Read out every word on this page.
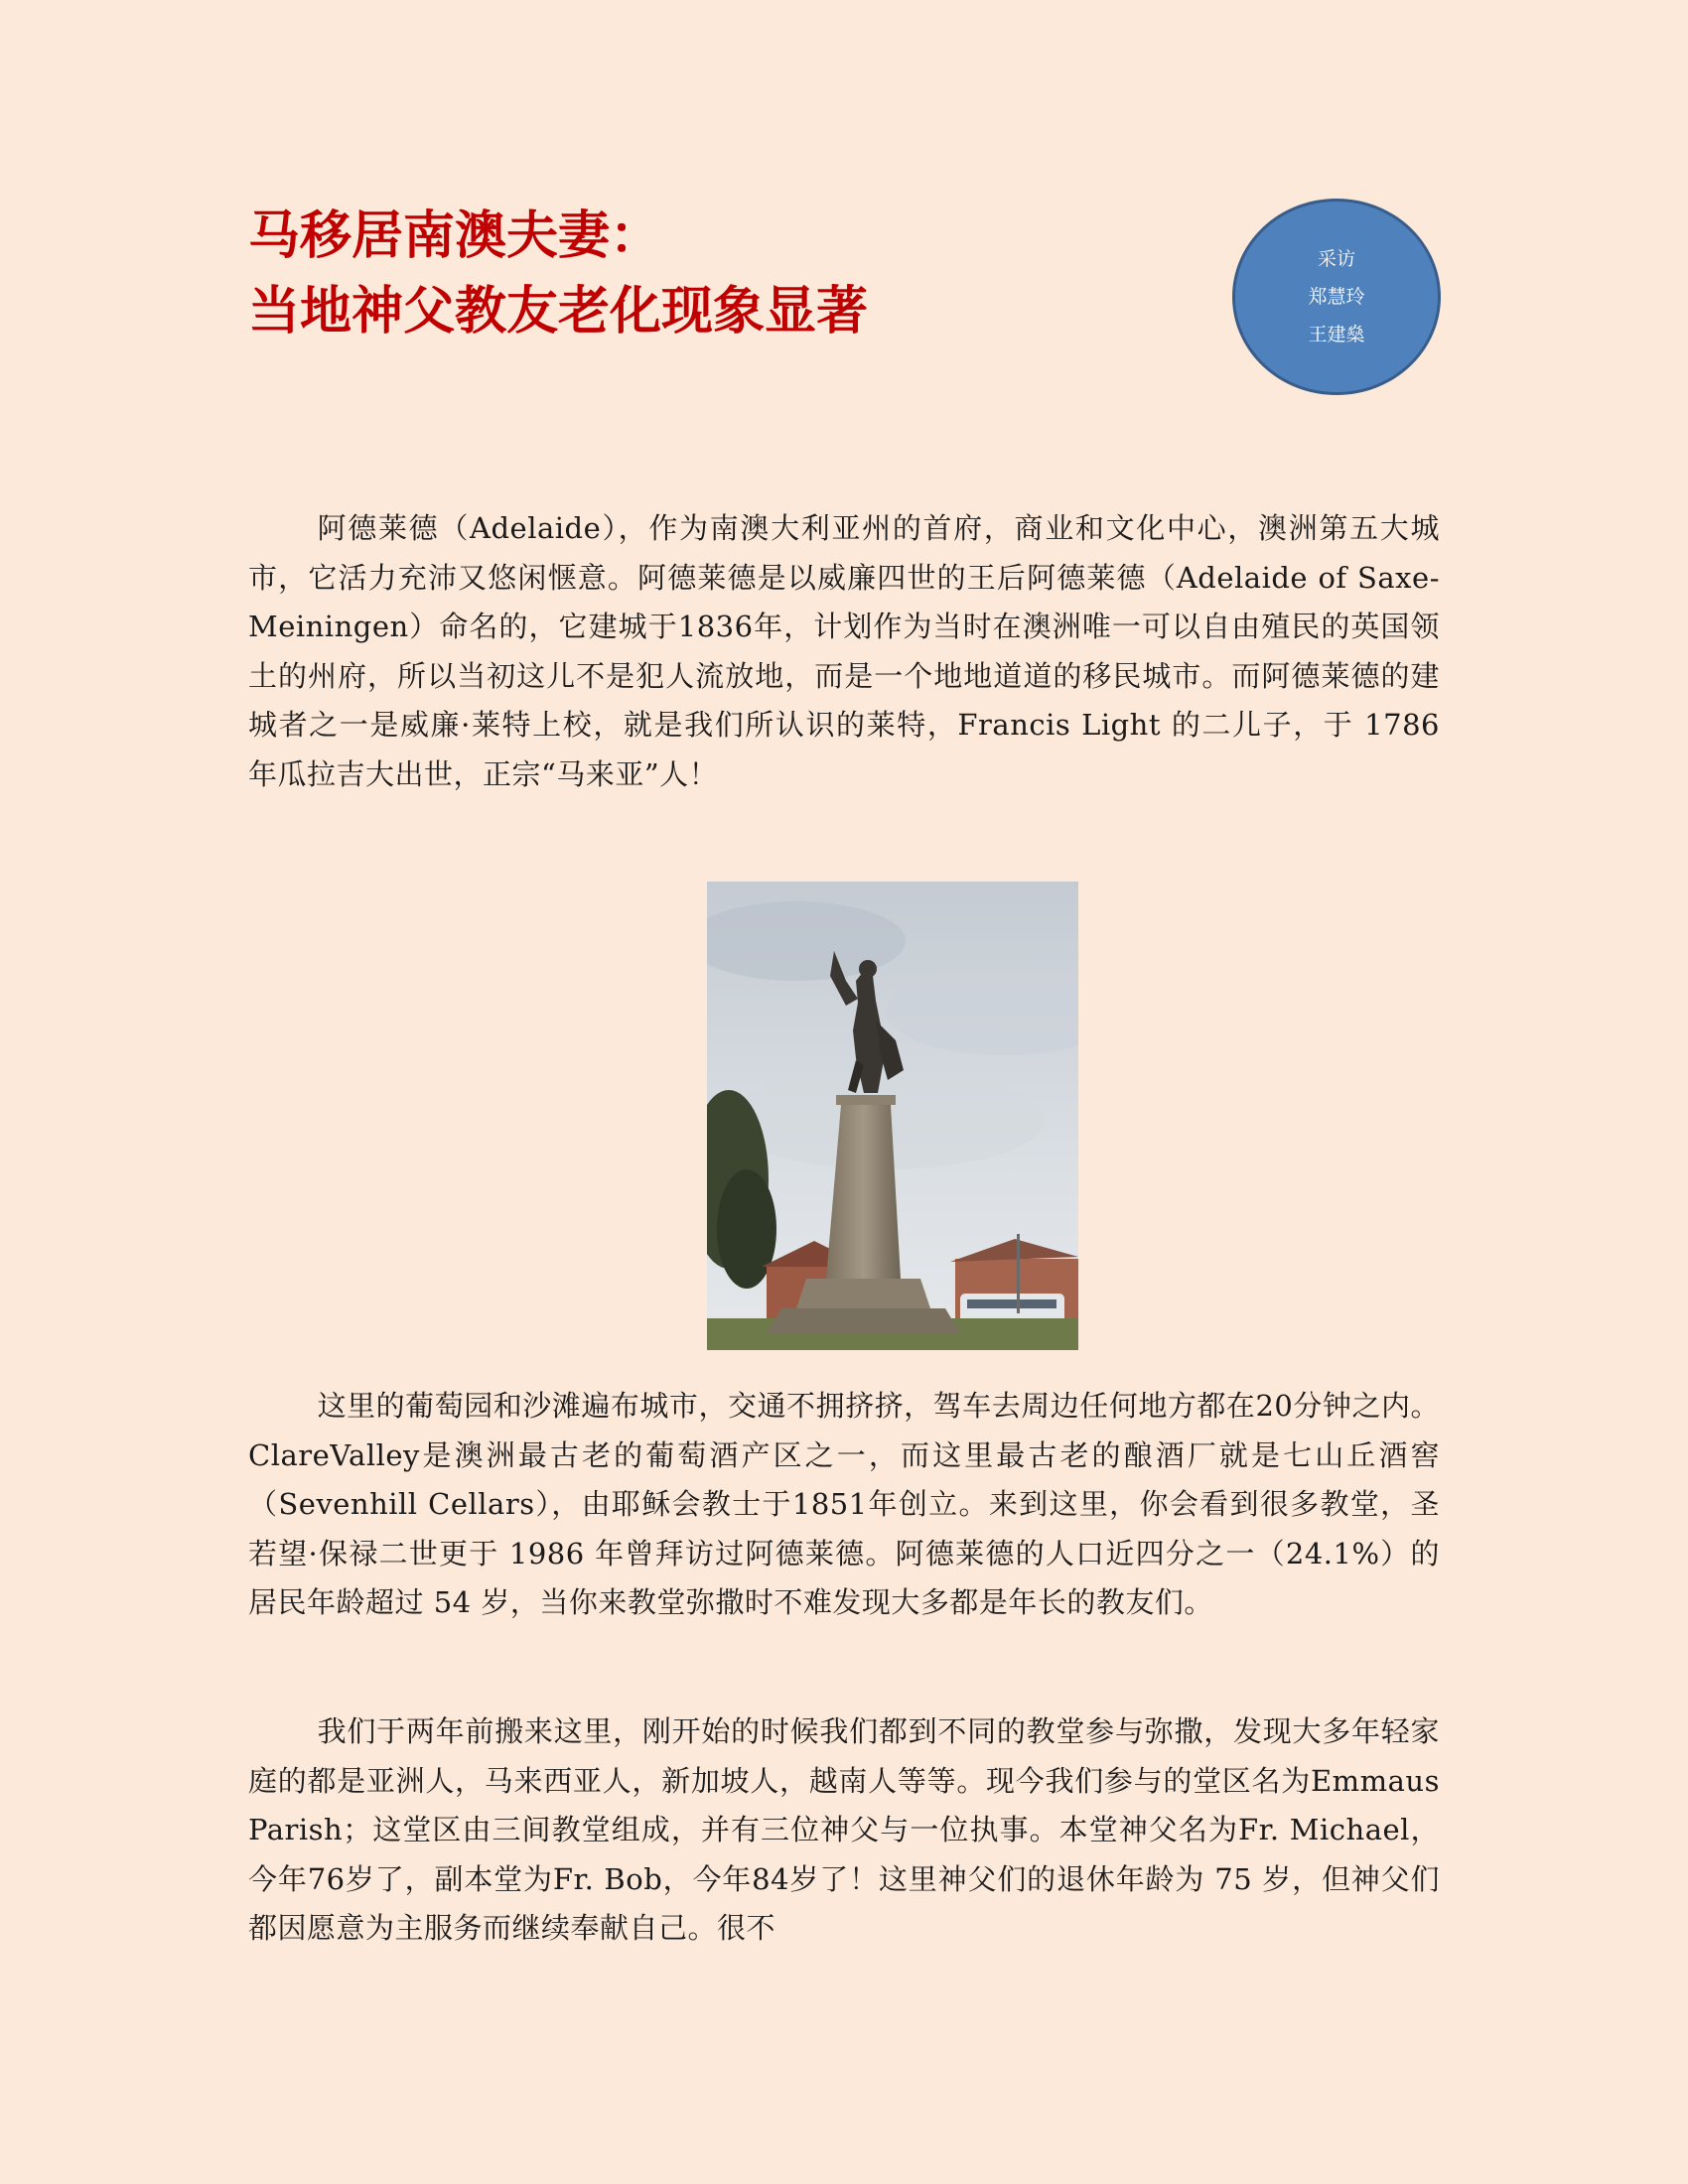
马移居南澳夫妻：
当地神父教友老化现象显著
采访
郑慧玲
王建燊

阿德莱德（Adelaide），作为南澳大利亚州的首府，商业和文化中心，澳洲第五大城市，它活力充沛又悠闲惬意。阿德莱德是以威廉四世的王后阿德莱德（Adelaide of Saxe-Meiningen）命名的，它建城于1836年，计划作为当时在澳洲唯一可以自由殖民的英国领土的州府，所以当初这儿不是犯人流放地，而是一个地地道道的移民城市。而阿德莱德的建城者之一是威廉·莱特上校，就是我们所认识的莱特，Francis Light 的二儿子，于 1786 年瓜拉吉大出世，正宗“马来亚”人！

这里的葡萄园和沙滩遍布城市，交通不拥挤挤，驾车去周边任何地方都在20分钟之内。ClareValley是澳洲最古老的葡萄酒产区之一，而这里最古老的酿酒厂就是七山丘酒窖（Sevenhill Cellars），由耶稣会教士于1851年创立。来到这里，你会看到很多教堂，圣若望·保禄二世更于 1986 年曾拜访过阿德莱德。阿德莱德的人口近四分之一（24.1%）的居民年龄超过 54 岁，当你来教堂弥撒时不难发现大多都是年长的教友们。

我们于两年前搬来这里，刚开始的时候我们都到不同的教堂参与弥撒，发现大多年轻家庭的都是亚洲人，马来西亚人，新加坡人，越南人等等。现今我们参与的堂区名为Emmaus Parish；这堂区由三间教堂组成，并有三位神父与一位执事。本堂神父名为Fr. Michael，今年76岁了，副本堂为Fr. Bob，今年84岁了！这里神父们的退休年龄为 75 岁，但神父们都因愿意为主服务而继续奉献自己。很不
